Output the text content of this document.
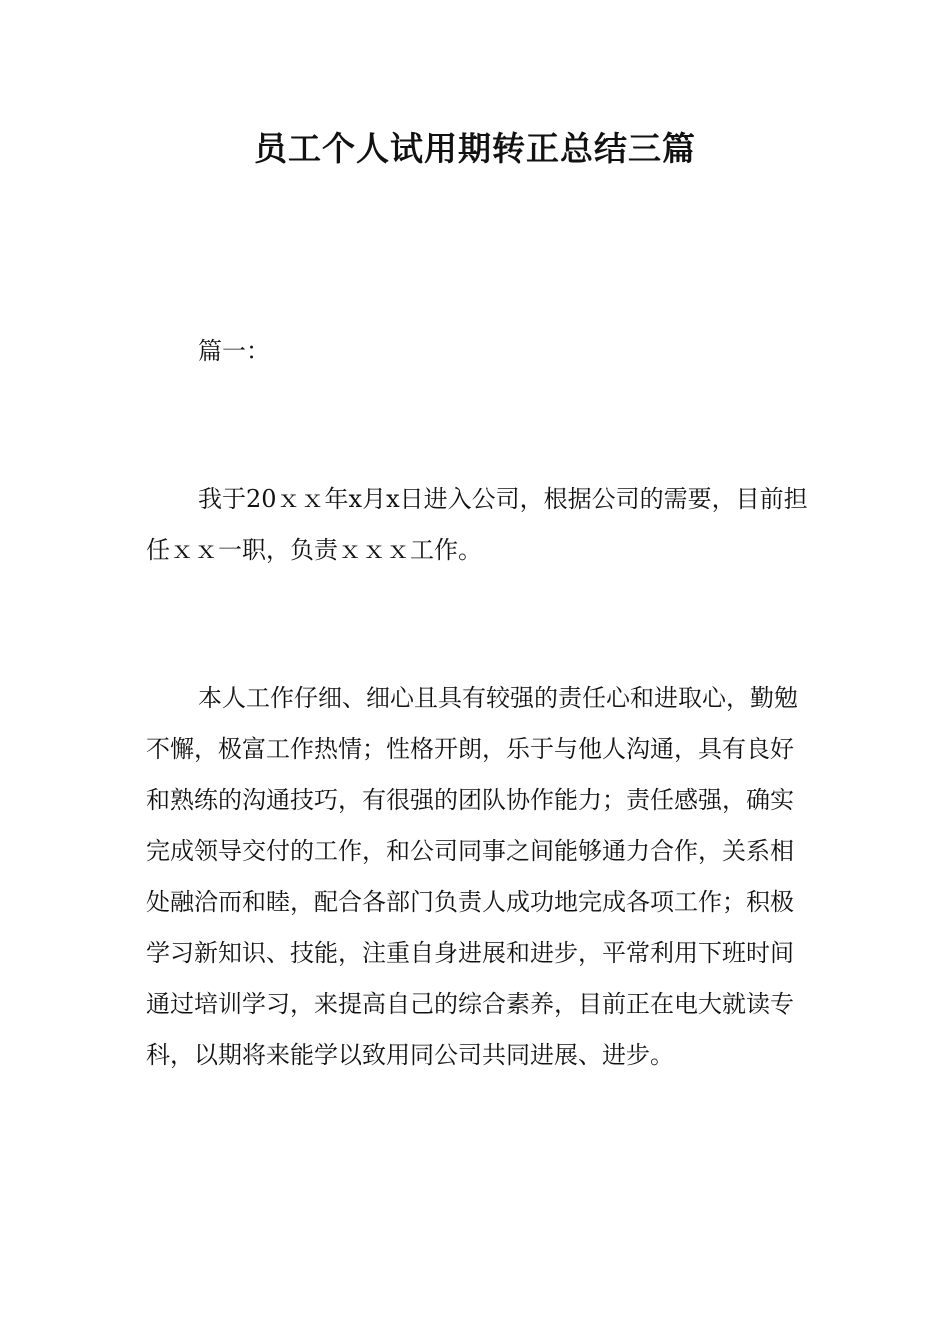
员工个人试用期转正总结三篇

篇一：

我于20ｘｘ年x月x日进入公司，根据公司的需要，目前担任ｘｘ一职，负责ｘｘｘ工作。

本人工作仔细、细心且具有较强的责任心和进取心，勤勉不懈，极富工作热情；性格开朗，乐于与他人沟通，具有良好和熟练的沟通技巧，有很强的团队协作能力；责任感强，确实完成领导交付的工作，和公司同事之间能够通力合作，关系相处融洽而和睦，配合各部门负责人成功地完成各项工作；积极学习新知识、技能，注重自身进展和进步，平常利用下班时间通过培训学习，来提高自己的综合素养，目前正在电大就读专科，以期将来能学以致用同公司共同进展、进步。
